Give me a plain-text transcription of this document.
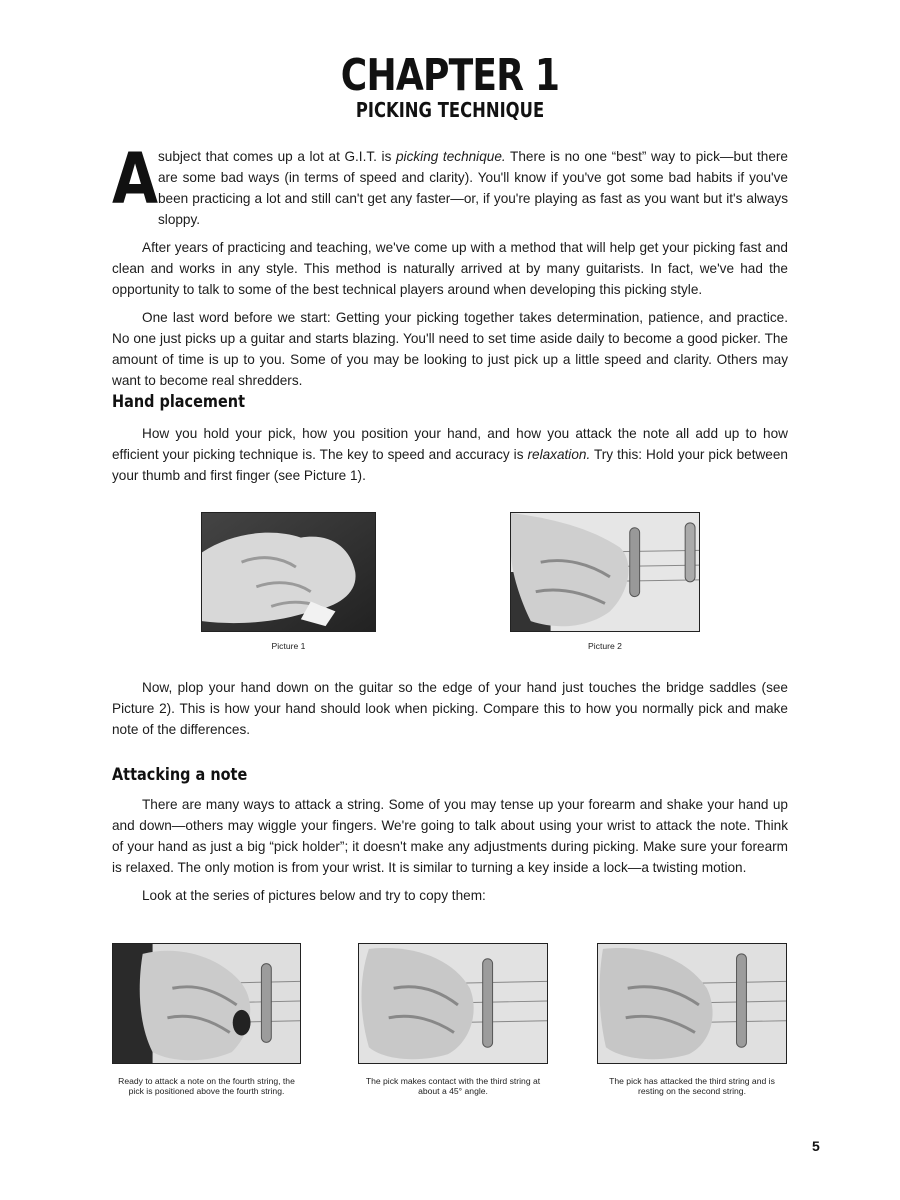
CHAPTER 1
PICKING TECHNIQUE

A subject that comes up a lot at G.I.T. is picking technique. There is no one “best” way to pick—but there are some bad ways (in terms of speed and clarity). You'll know if you've got some bad habits if you've been practicing a lot and still can't get any faster—or, if you're playing as fast as you want but it's always sloppy.

After years of practicing and teaching, we've come up with a method that will help get your picking fast and clean and works in any style. This method is naturally arrived at by many guitarists. In fact, we've had the opportunity to talk to some of the best technical players around when developing this picking style.

One last word before we start: Getting your picking together takes determination, patience, and practice. No one just picks up a guitar and starts blazing. You'll need to set time aside daily to become a good picker. The amount of time is up to you. Some of you may be looking to just pick up a little speed and clarity. Others may want to become real shredders.

Hand placement

How you hold your pick, how you position your hand, and how you attack the note all add up to how efficient your picking technique is. The key to speed and accuracy is relaxation. Try this: Hold your pick between your thumb and first finger (see Picture 1).

Picture 1	Picture 2

Now, plop your hand down on the guitar so the edge of your hand just touches the bridge saddles (see Picture 2). This is how your hand should look when picking. Compare this to how you normally pick and make note of the differences.

Attacking a note

There are many ways to attack a string. Some of you may tense up your forearm and shake your hand up and down—others may wiggle your fingers. We're going to talk about using your wrist to attack the note. Think of your hand as just a big “pick holder”; it doesn't make any adjustments during picking. Make sure your forearm is relaxed. The only motion is from your wrist. It is similar to turning a key inside a lock—a twisting motion.

Look at the series of pictures below and try to copy them:

Ready to attack a note on the fourth string, the pick is positioned above the fourth string.
The pick makes contact with the third string at about a 45° angle.
The pick has attacked the third string and is resting on the second string.
5
